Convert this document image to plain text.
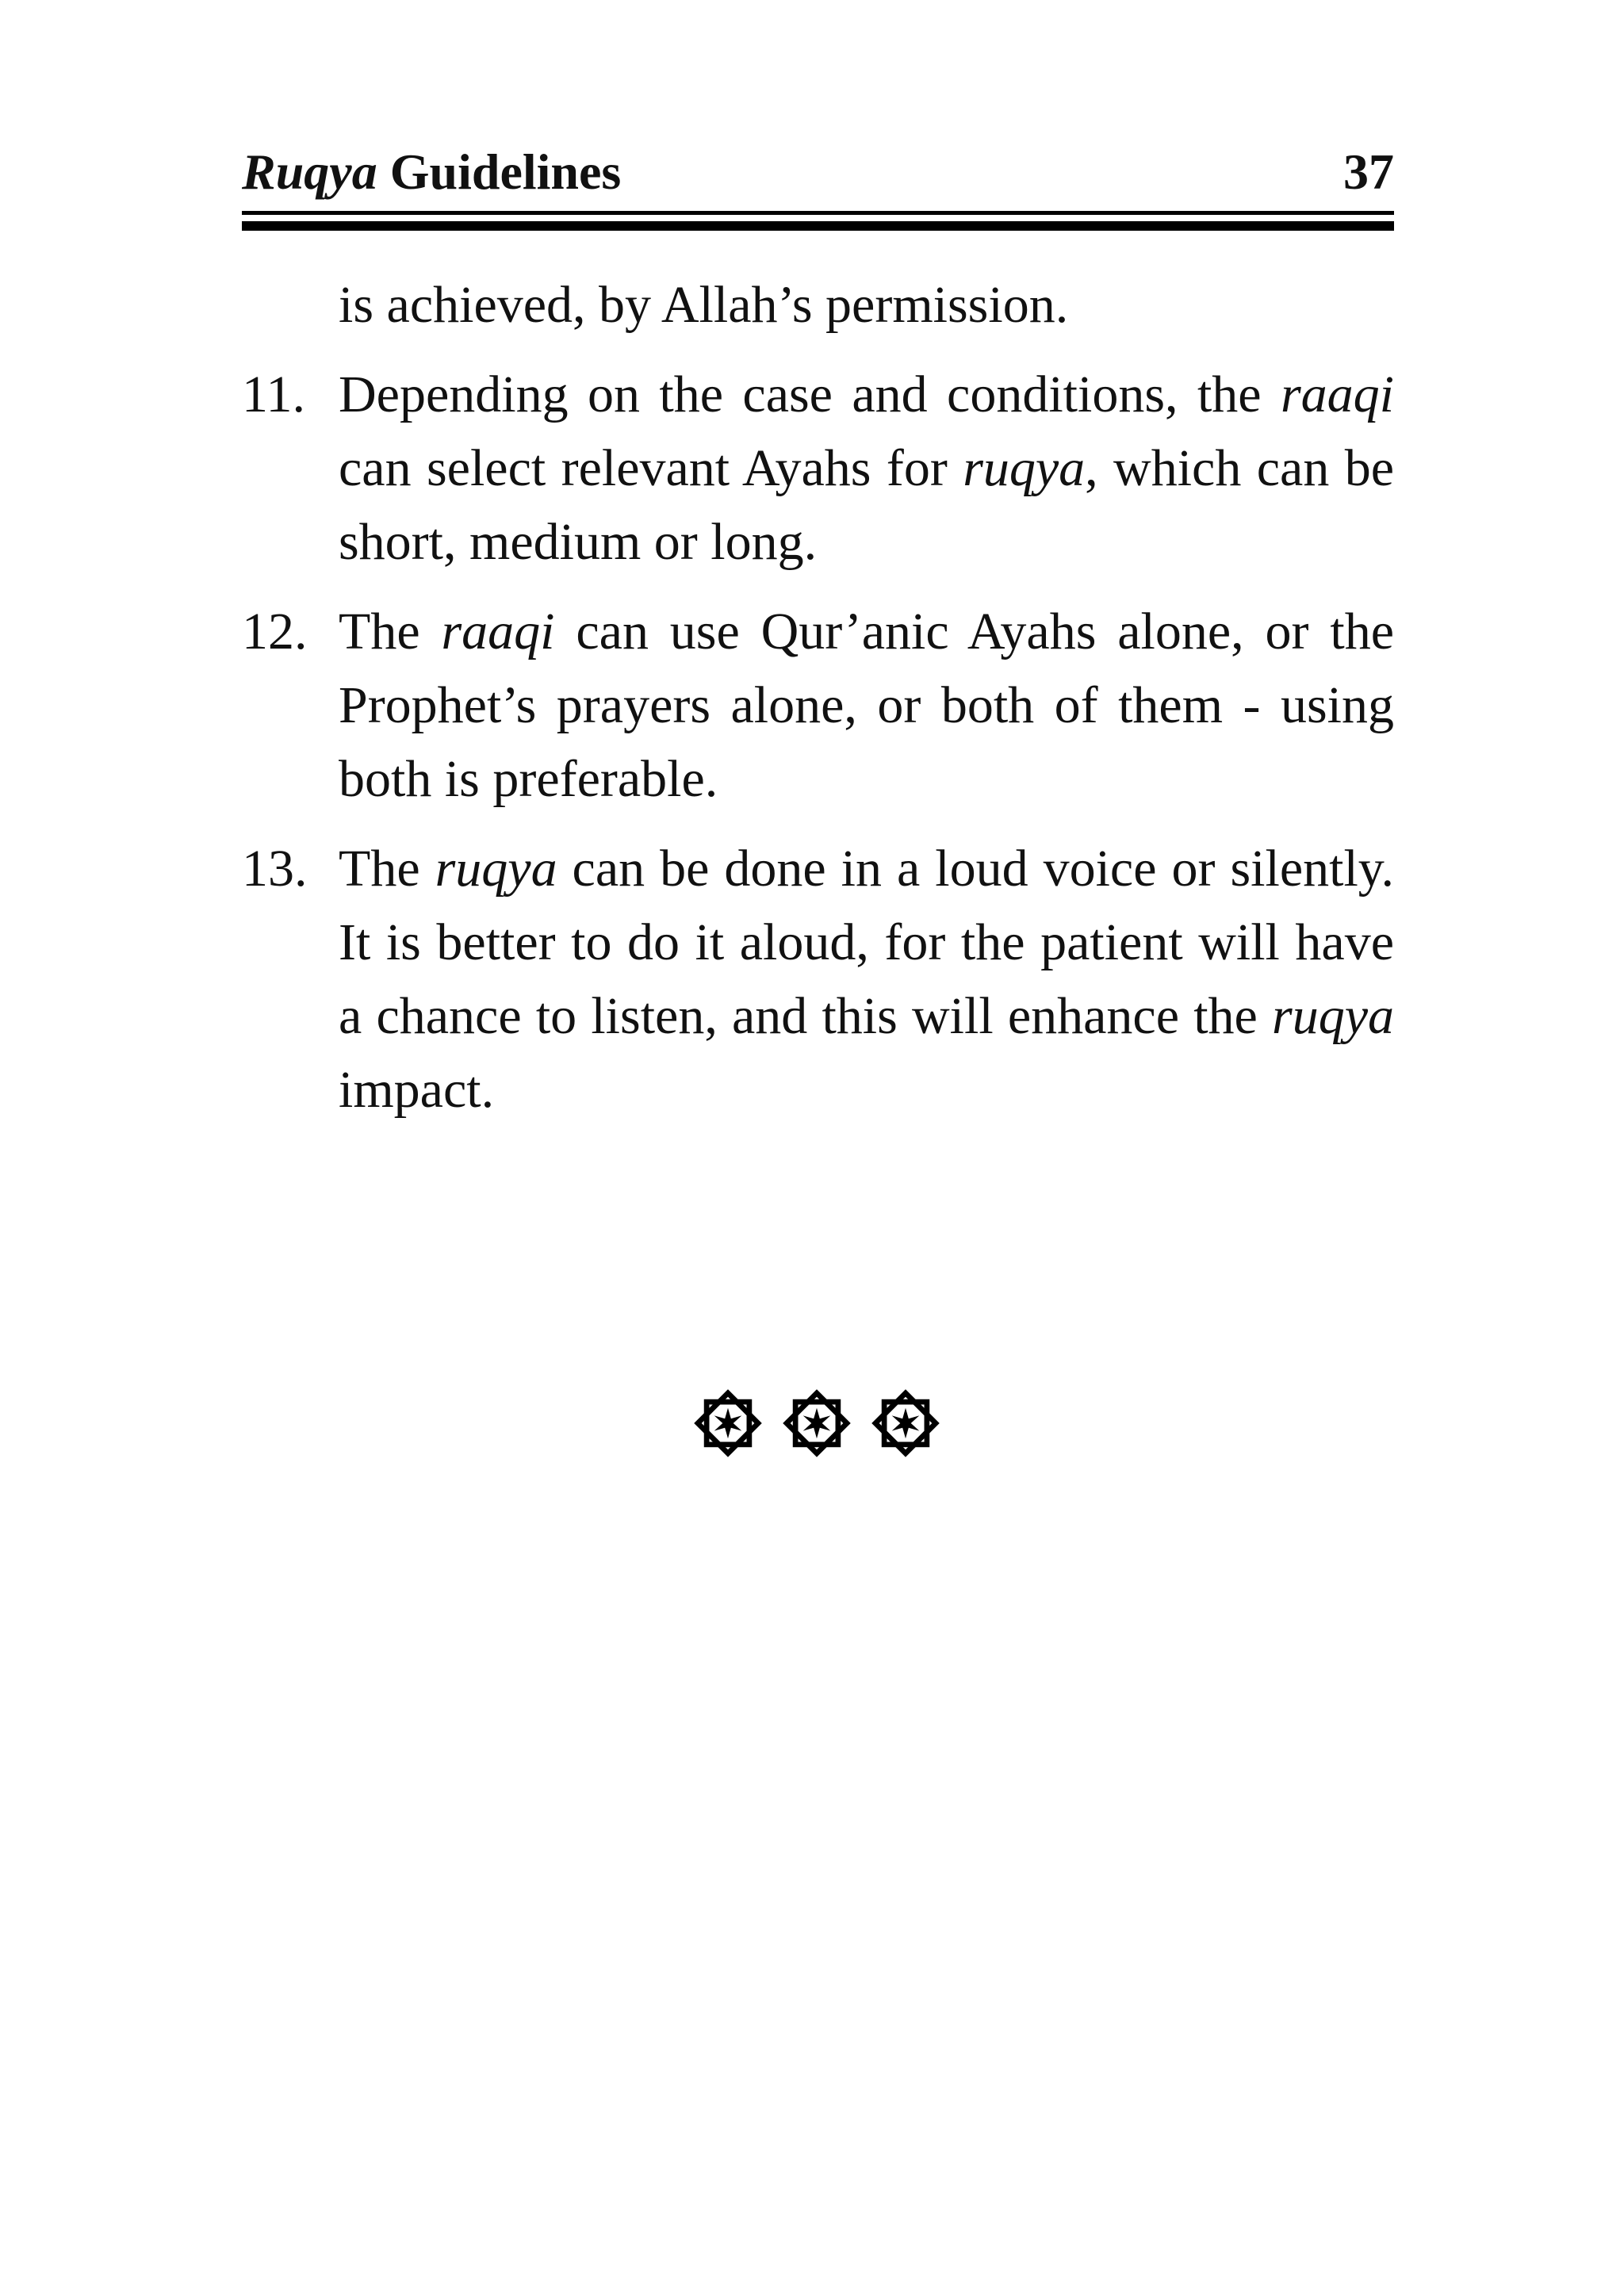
Ruqya Guidelines	37

is achieved, by Allah’s permission.

11. Depending on the case and conditions, the raaqi can select relevant Ayahs for ruqya, which can be short, medium or long.

12. The raaqi can use Qur’anic Ayahs alone, or the Prophet’s prayers alone, or both of them - using both is preferable.

13. The ruqya can be done in a loud voice or silently. It is better to do it aloud, for the patient will have a chance to listen, and this will enhance the ruqya impact.
